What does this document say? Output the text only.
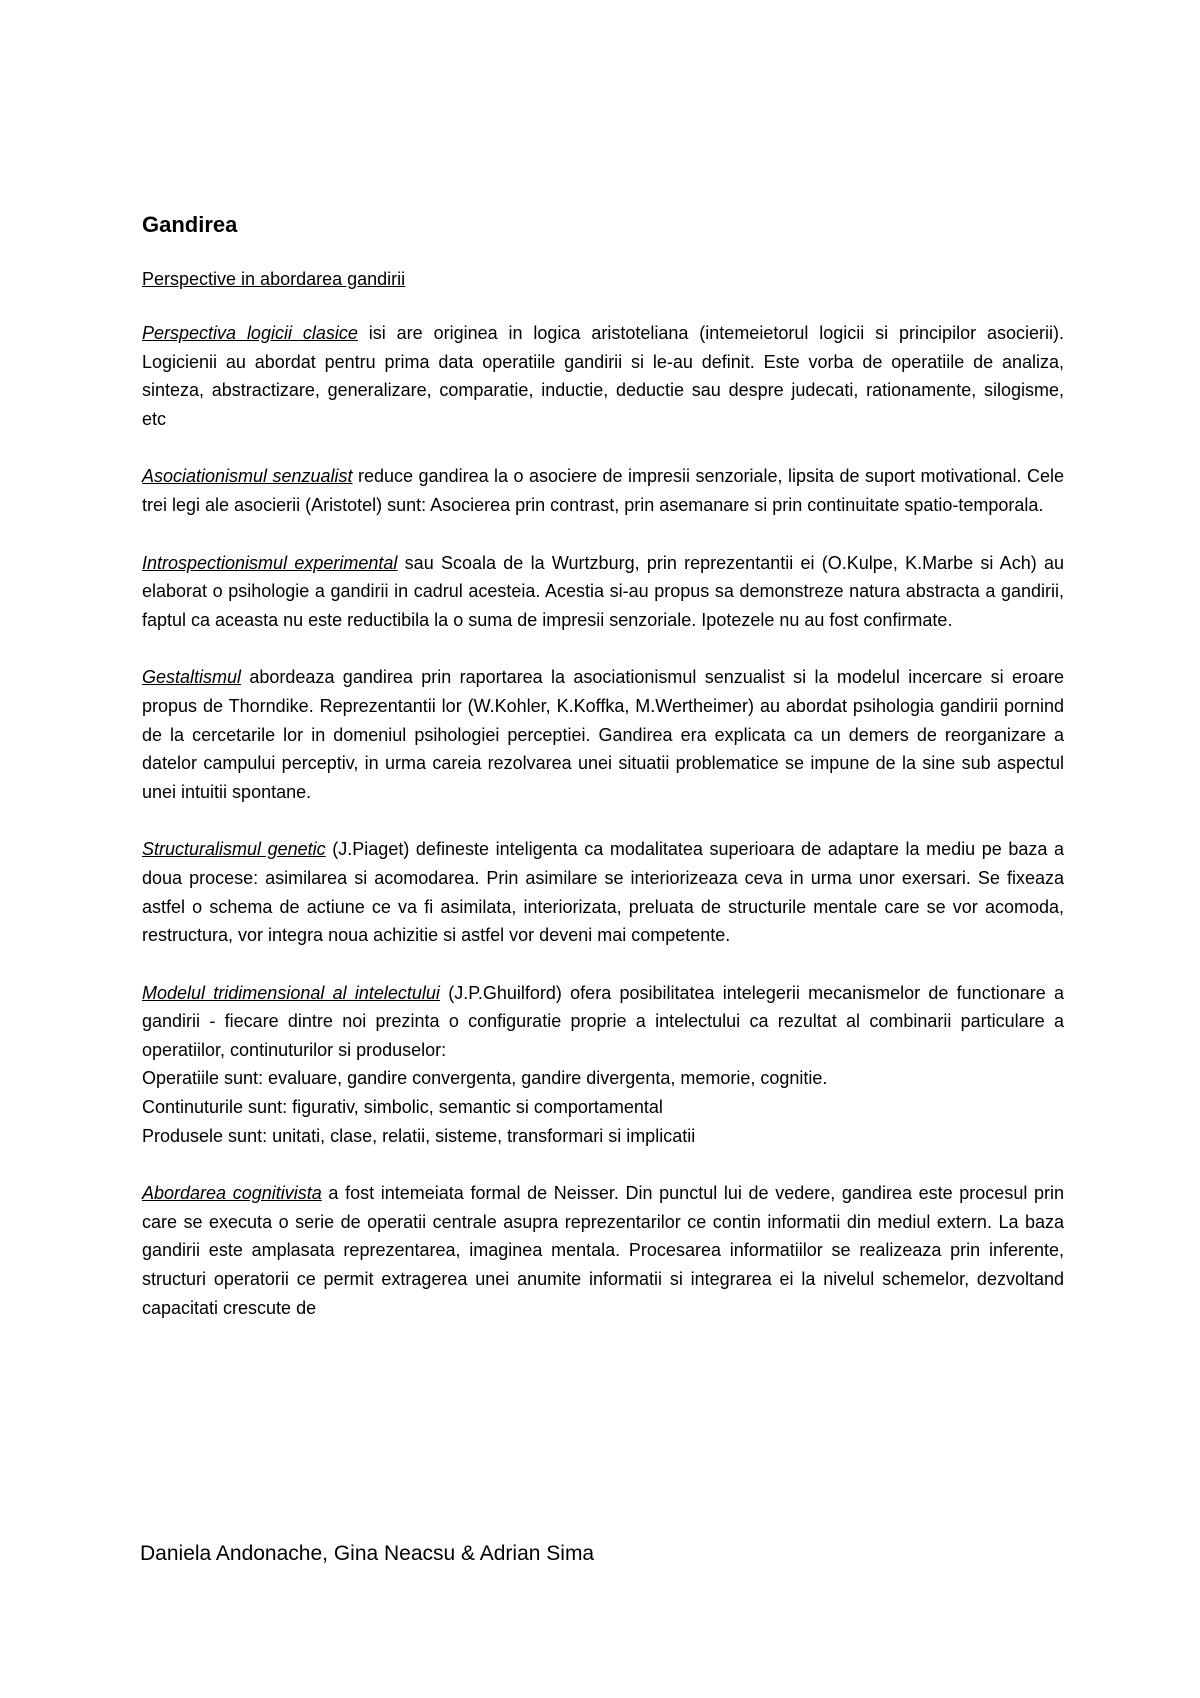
Gandirea
Perspective in abordarea gandirii

Perspectiva logicii clasice isi are originea in logica aristoteliana (intemeietorul logicii si principilor asocierii). Logicienii au abordat pentru prima data operatiile gandirii si le-au definit. Este vorba de operatiile de analiza, sinteza, abstractizare, generalizare, comparatie, inductie, deductie sau despre judecati, rationamente, silogisme, etc

Asociationismul senzualist reduce gandirea la o asociere de impresii senzoriale, lipsita de suport motivational. Cele trei legi ale asocierii (Aristotel) sunt: Asocierea prin contrast, prin asemanare si prin continuitate spatio-temporala.

Introspectionismul experimental sau Scoala de la Wurtzburg, prin reprezentantii ei (O.Kulpe, K.Marbe si Ach) au elaborat o psihologie a gandirii in cadrul acesteia. Acestia si-au propus sa demonstreze natura abstracta a gandirii, faptul ca aceasta nu este reductibila la o suma de impresii senzoriale. Ipotezele nu au fost confirmate.

Gestaltismul abordeaza gandirea prin raportarea la asociationismul senzualist si la modelul incercare si eroare propus de Thorndike. Reprezentantii lor (W.Kohler, K.Koffka, M.Wertheimer) au abordat psihologia gandirii pornind de la cercetarile lor in domeniul psihologiei perceptiei. Gandirea era explicata ca un demers de reorganizare a datelor campului perceptiv, in urma careia rezolvarea unei situatii problematice se impune de la sine sub aspectul unei intuitii spontane.

Structuralismul genetic (J.Piaget) defineste inteligenta ca modalitatea superioara de adaptare la mediu pe baza a doua procese: asimilarea si acomodarea. Prin asimilare se interiorizeaza ceva in urma unor exersari. Se fixeaza astfel o schema de actiune ce va fi asimilata, interiorizata, preluata de structurile mentale care se vor acomoda, restructura, vor integra noua achizitie si astfel vor deveni mai competente.

Modelul tridimensional al intelectului (J.P.Ghuilford) ofera posibilitatea intelegerii mecanismelor de functionare a gandirii - fiecare dintre noi prezinta o configuratie proprie a intelectului ca rezultat al combinarii particulare a operatiilor, continuturilor si produselor:
Operatiile sunt: evaluare, gandire convergenta, gandire divergenta, memorie, cognitie.
Continuturile sunt: figurativ, simbolic, semantic si comportamental
Produsele sunt: unitati, clase, relatii, sisteme, transformari si implicatii

Abordarea cognitivista a fost intemeiata formal de Neisser. Din punctul lui de vedere, gandirea este procesul prin care se executa o serie de operatii centrale asupra reprezentarilor ce contin informatii din mediul extern. La baza gandirii este amplasata reprezentarea, imaginea mentala. Procesarea informatiilor se realizeaza prin inferente, structuri operatorii ce permit extragerea unei anumite informatii si integrarea ei la nivelul schemelor, dezvoltand capacitati crescute de

Daniela Andonache, Gina Neacsu & Adrian Sima
